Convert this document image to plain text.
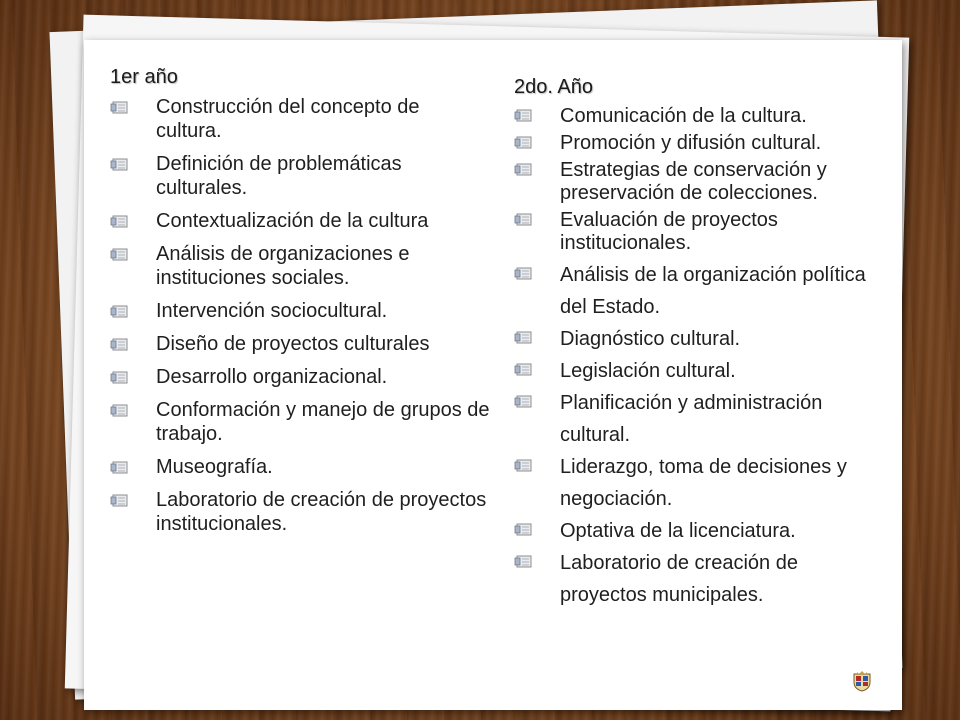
1er año
Construcción del concepto de cultura.
Definición de problemáticas culturales.
Contextualización de la cultura
Análisis de organizaciones e instituciones sociales.
Intervención sociocultural.
Diseño de proyectos culturales
Desarrollo organizacional.
Conformación y manejo de grupos de trabajo.
Museografía.
Laboratorio de creación de proyectos institucionales.
2do. Año
Comunicación de la cultura.
Promoción y difusión cultural.
Estrategias de conservación y preservación de colecciones.
Evaluación de proyectos institucionales.
Análisis de la organización política del Estado.
Diagnóstico cultural.
Legislación cultural.
Planificación y administración cultural.
Liderazgo, toma de decisiones y negociación.
Optativa de la licenciatura.
Laboratorio de creación de proyectos municipales.
